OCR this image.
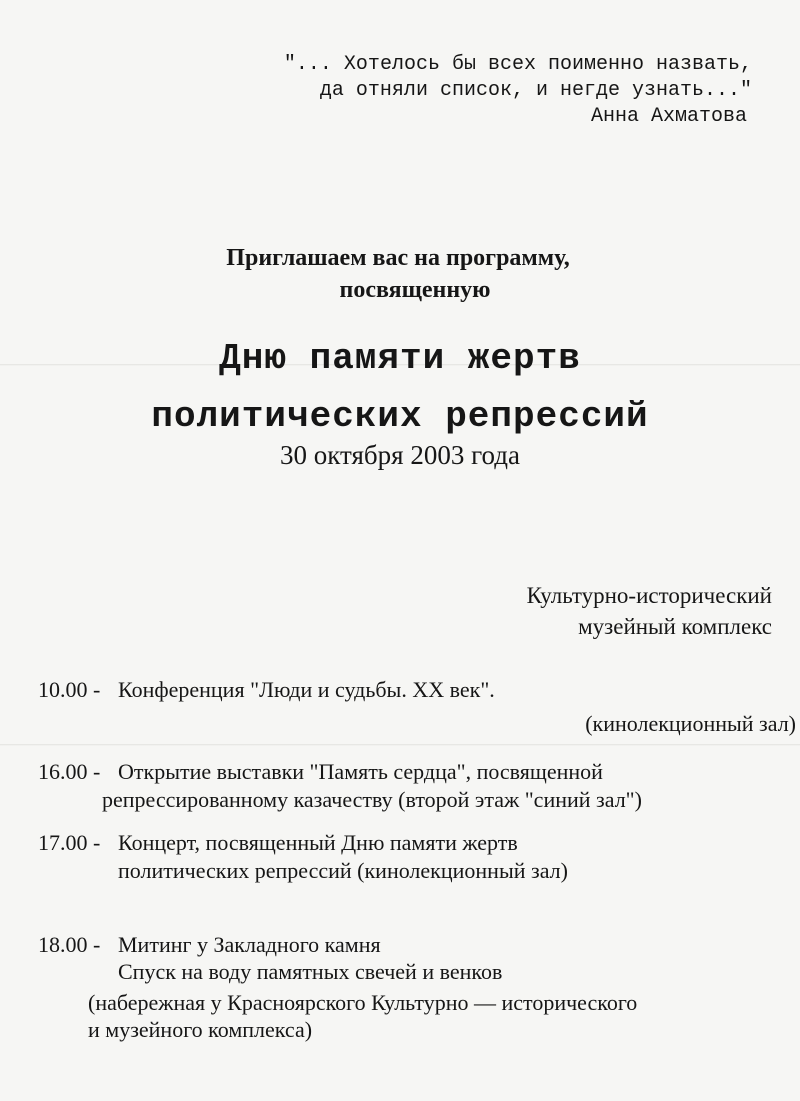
"... Хотелось бы всех поименно назвать,
да отняли список, и негде узнать..."
Анна Ахматова
Приглашаем вас на программу,
посвященную
Дню памяти жертв
политических репрессий
30 октября 2003 года
Культурно-исторический
музейный комплекс
10.00 - Конференция "Люди и судьбы. XX век".
(кинолекционный зал)
16.00 - Открытие выставки "Память сердца", посвященной
репрессированному казачеству (второй этаж "синий зал")
17.00 - Концерт, посвященный Дню памяти жертв
политических репрессий (кинолекционный зал)
18.00 - Митинг у Закладного камня
Спуск на воду памятных свечей и венков
(набережная у Красноярского Культурно — исторического
и музейного комплекса)
